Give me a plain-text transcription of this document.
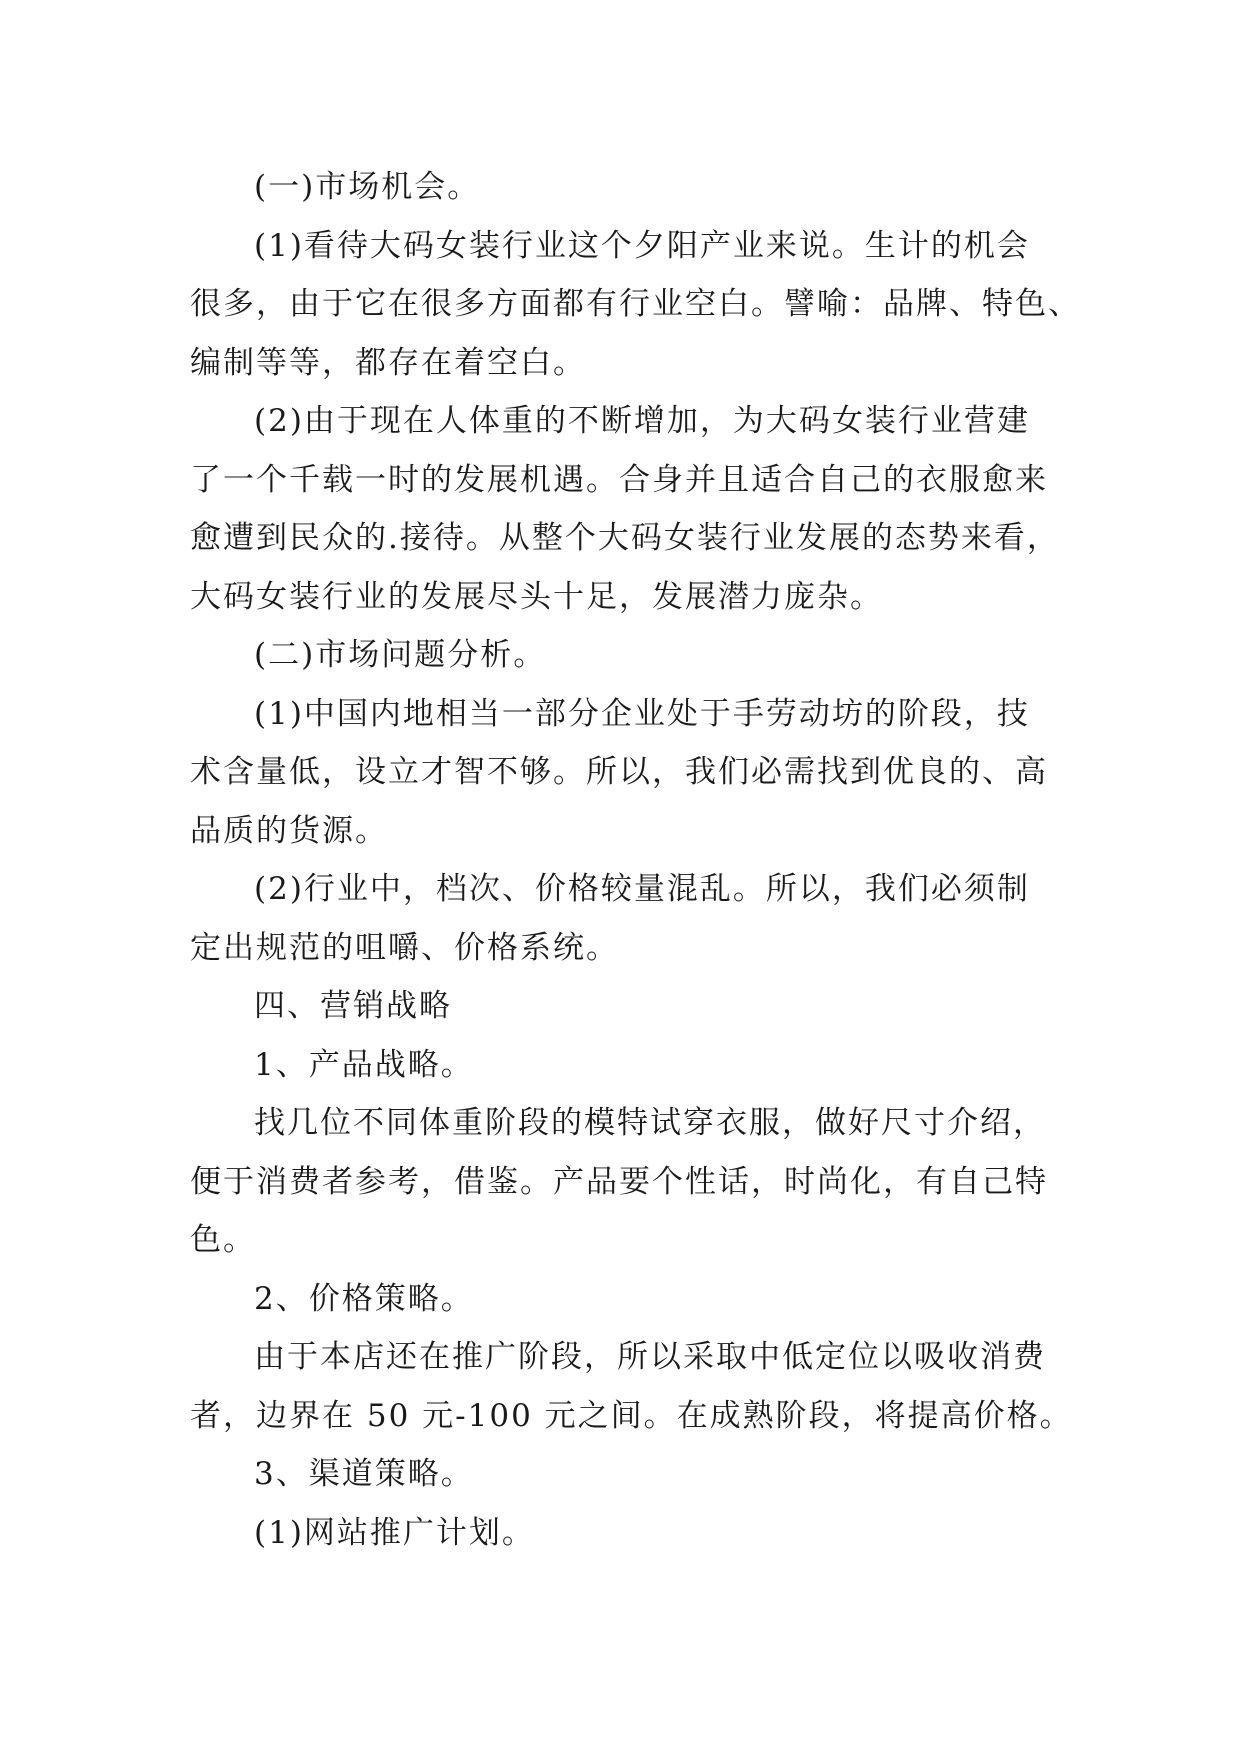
(一)市场机会。
(1)看待大码女装行业这个夕阳产业来说。生计的机会
很多，由于它在很多方面都有行业空白。譬喻：品牌、特色、
编制等等，都存在着空白。
(2)由于现在人体重的不断增加，为大码女装行业营建
了一个千载一时的发展机遇。合身并且适合自己的衣服愈来
愈遭到民众的.接待。从整个大码女装行业发展的态势来看，
大码女装行业的发展尽头十足，发展潜力庞杂。
(二)市场问题分析。
(1)中国内地相当一部分企业处于手劳动坊的阶段，技
术含量低，设立才智不够。所以，我们必需找到优良的、高
品质的货源。
(2)行业中，档次、价格较量混乱。所以，我们必须制
定出规范的咀嚼、价格系统。
四、营销战略
1、产品战略。
找几位不同体重阶段的模特试穿衣服，做好尺寸介绍，
便于消费者参考，借鉴。产品要个性话，时尚化，有自己特
色。
2、价格策略。
由于本店还在推广阶段，所以采取中低定位以吸收消费
者，边界在 50 元-100 元之间。在成熟阶段，将提高价格。
3、渠道策略。
(1)网站推广计划。
